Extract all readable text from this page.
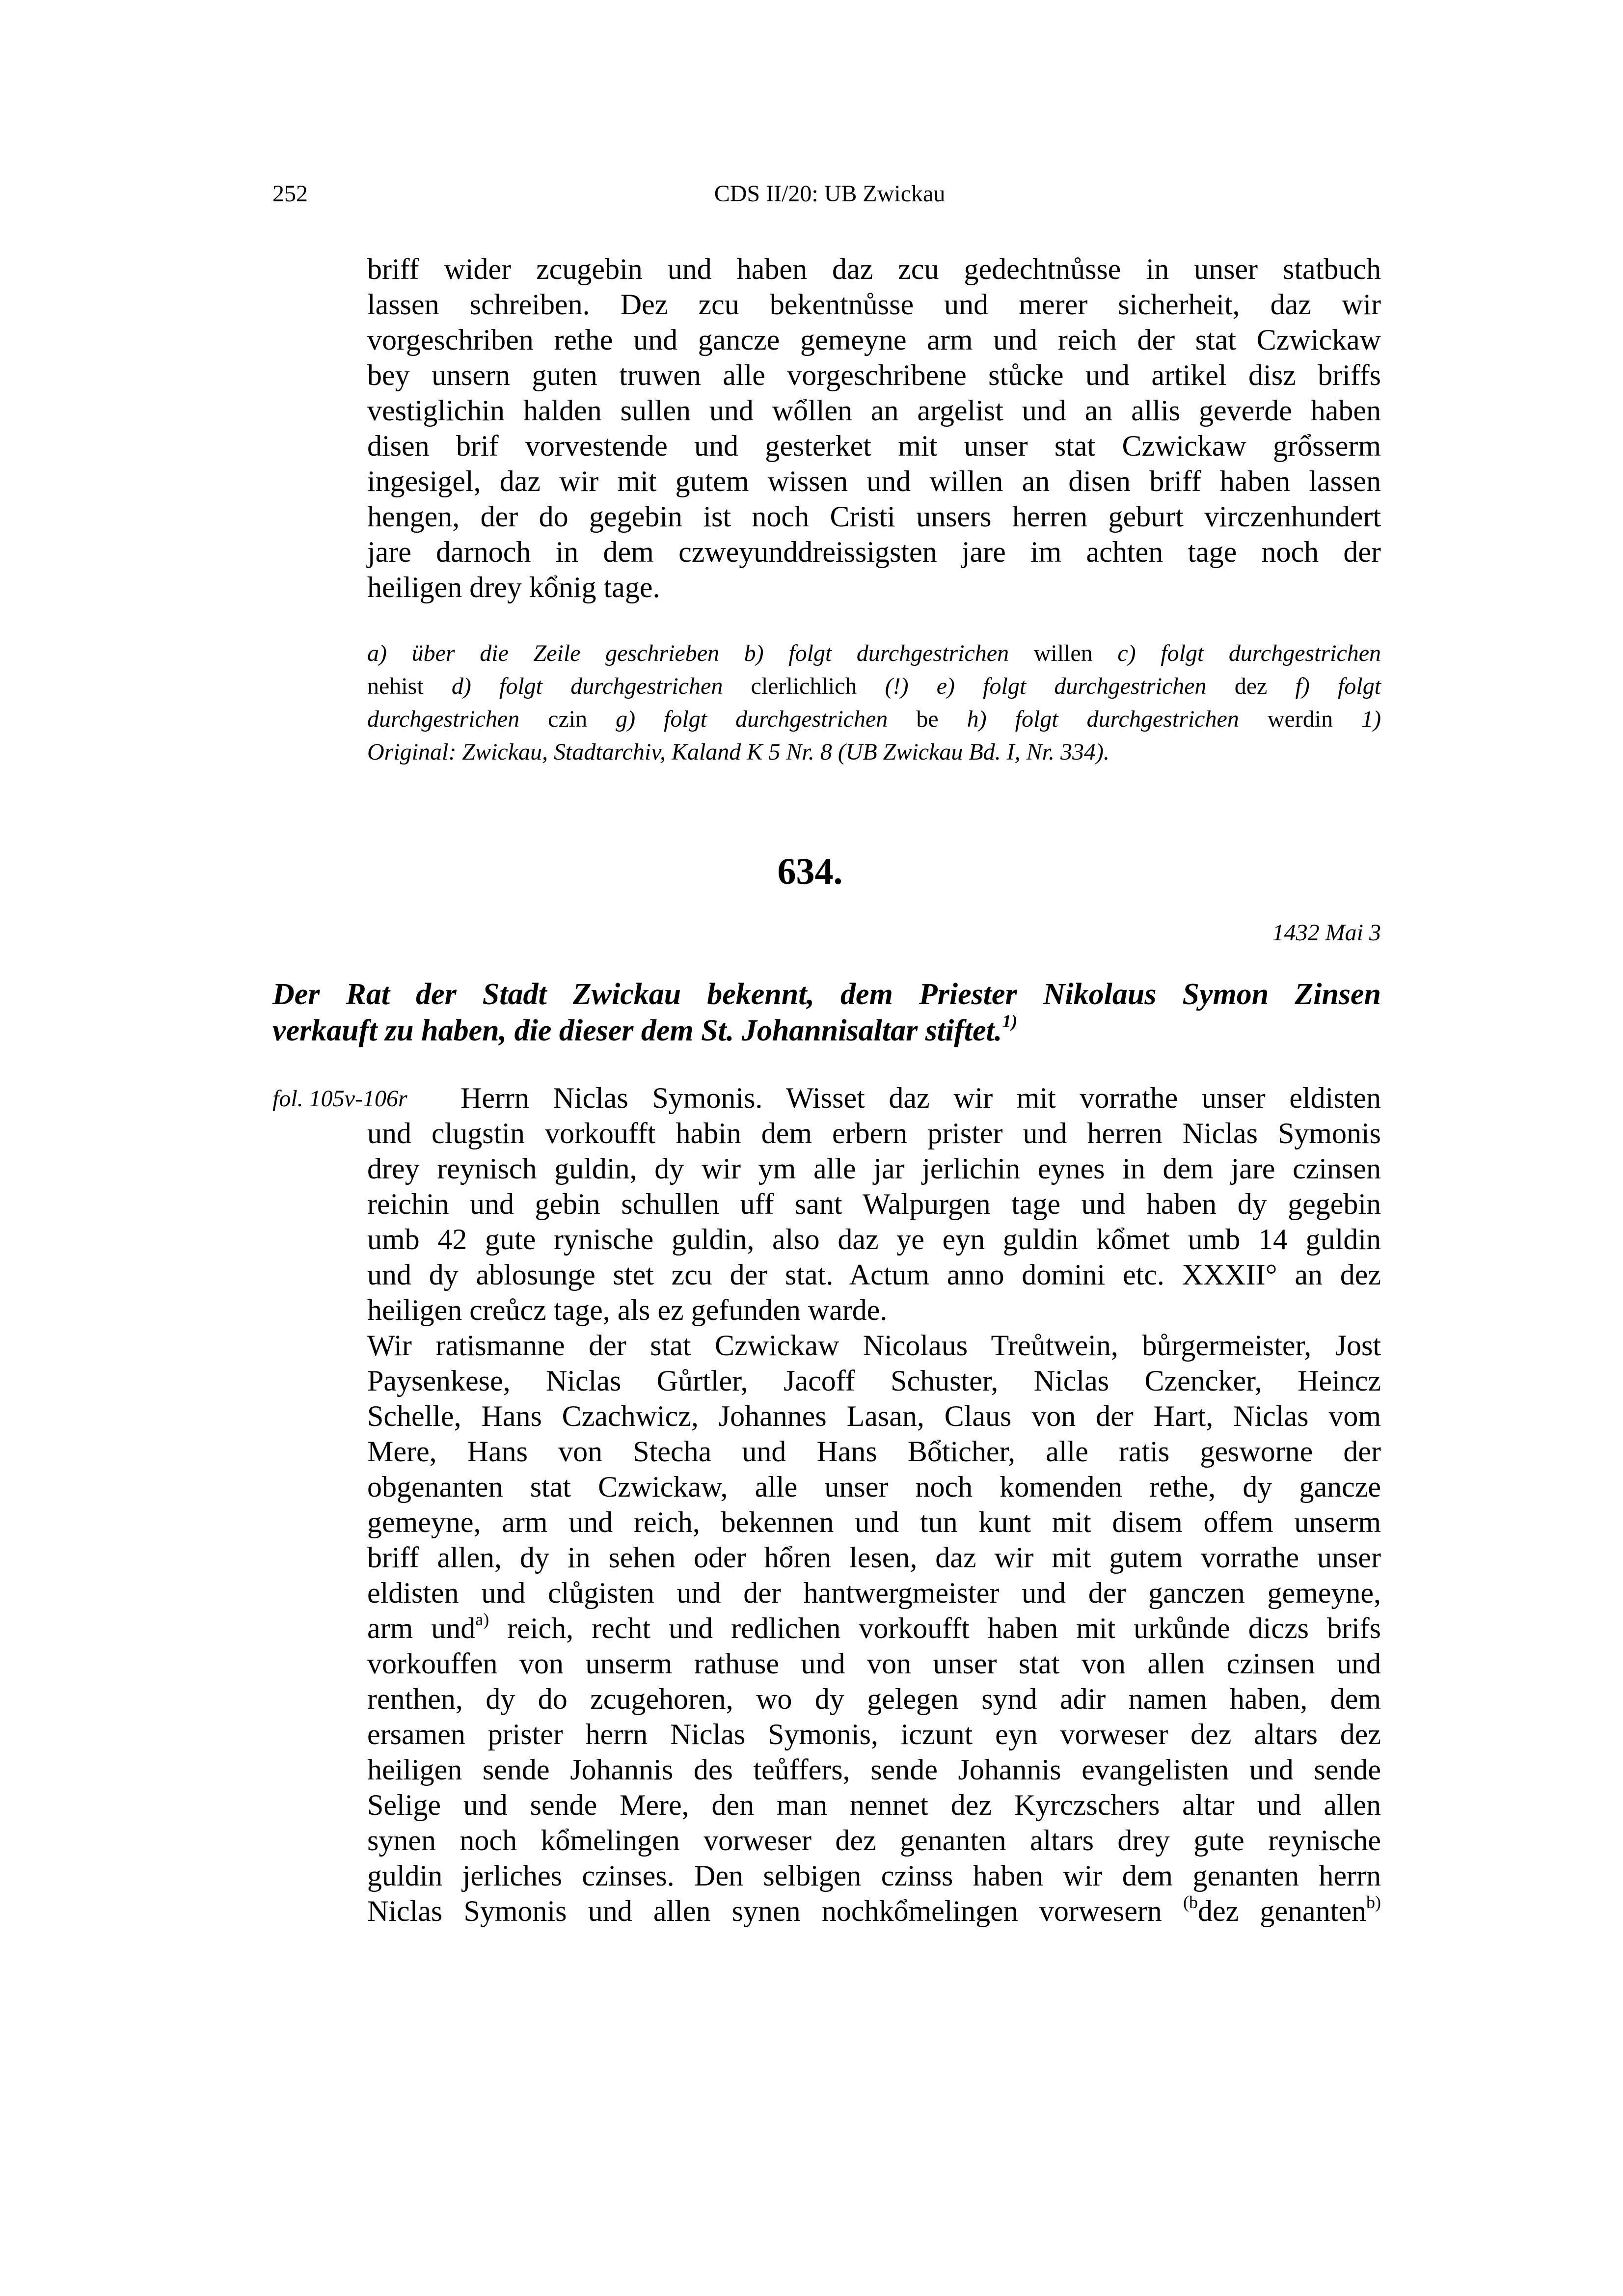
252	CDS II/20: UB Zwickau
briff wider zcugebin und haben daz zcu gedechtnůsse in unser statbuch
lassen schreiben. Dez zcu bekentnůsse und merer sicherheit, daz wir
vorgeschriben rethe und gancze gemeyne arm und reich der stat Czwickaw
bey unsern guten truwen alle vorgeschribene stůcke und artikel disz briffs
vestiglichin halden sullen und wổllen an argelist und an allis geverde haben
disen brif vorvestende und gesterket mit unser stat Czwickaw grổsserm
ingesigel, daz wir mit gutem wissen und willen an disen briff haben lassen
hengen, der do gegebin ist noch Cristi unsers herren geburt virczenhundert
jare darnoch in dem czweyunddreissigsten jare im achten tage noch der
heiligen drey kổnig tage.
a) über die Zeile geschrieben b) folgt durchgestrichen willen c) folgt durchgestrichen
nehist d) folgt durchgestrichen clerlichlich (!) e) folgt durchgestrichen dez f) folgt
durchgestrichen czin g) folgt durchgestrichen be h) folgt durchgestrichen werdin 1)
Original: Zwickau, Stadtarchiv, Kaland K 5 Nr. 8 (UB Zwickau Bd. I, Nr. 334).
634.
1432 Mai 3
Der Rat der Stadt Zwickau bekennt, dem Priester Nikolaus Symon Zinsen
verkauft zu haben, die dieser dem St. Johannisaltar stiftet.$^{1)}$
fol. 105v-106r Herrn Niclas Symonis. Wisset daz wir mit vorrathe unser eldisten
und clugstin vorkoufft habin dem erbern prister und herren Niclas Symonis
drey reynisch guldin, dy wir ym alle jar jerlichin eynes in dem jare czinsen
reichin und gebin schullen uff sant Walpurgen tage und haben dy gegebin
umb 42 gute rynische guldin, also daz ye eyn guldin kổmet umb 14 guldin
und dy ablosunge stet zcu der stat. Actum anno domini etc. XXXII° an dez
heiligen creůcz tage, als ez gefunden warde.
Wir ratismanne der stat Czwickaw Nicolaus Treůtwein, bůrgermeister, Jost
Paysenkese, Niclas Gůrtler, Jacoff Schuster, Niclas Czencker, Heincz
Schelle, Hans Czachwicz, Johannes Lasan, Claus von der Hart, Niclas vom
Mere, Hans von Stecha und Hans Bổticher, alle ratis gesworne der
obgenanten stat Czwickaw, alle unser noch komenden rethe, dy gancze
gemeyne, arm und reich, bekennen und tun kunt mit disem offem unserm
briff allen, dy in sehen oder hổren lesen, daz wir mit gutem vorrathe unser
eldisten und clůgisten und der hantwergmeister und der ganczen gemeyne,
arm und$^{a)}$ reich, recht und redlichen vorkoufft haben mit urkůnde diczs brifs
vorkouffen von unserm rathuse und von unser stat von allen czinsen und
renthen, dy do zcugehoren, wo dy gelegen synd adir namen haben, dem
ersamen prister herrn Niclas Symonis, iczunt eyn vorweser dez altars dez
heiligen sende Johannis des teůffers, sende Johannis evangelisten und sende
Selige und sende Mere, den man nennet dez Kyrczschers altar und allen
synen noch kổmelingen vorweser dez genanten altars drey gute reynische
guldin jerliches czinses. Den selbigen czinss haben wir dem genanten herrn
Niclas Symonis und allen synen nochkổmelingen vorwesern $^{(b}$dez genanten$^{b)}$
